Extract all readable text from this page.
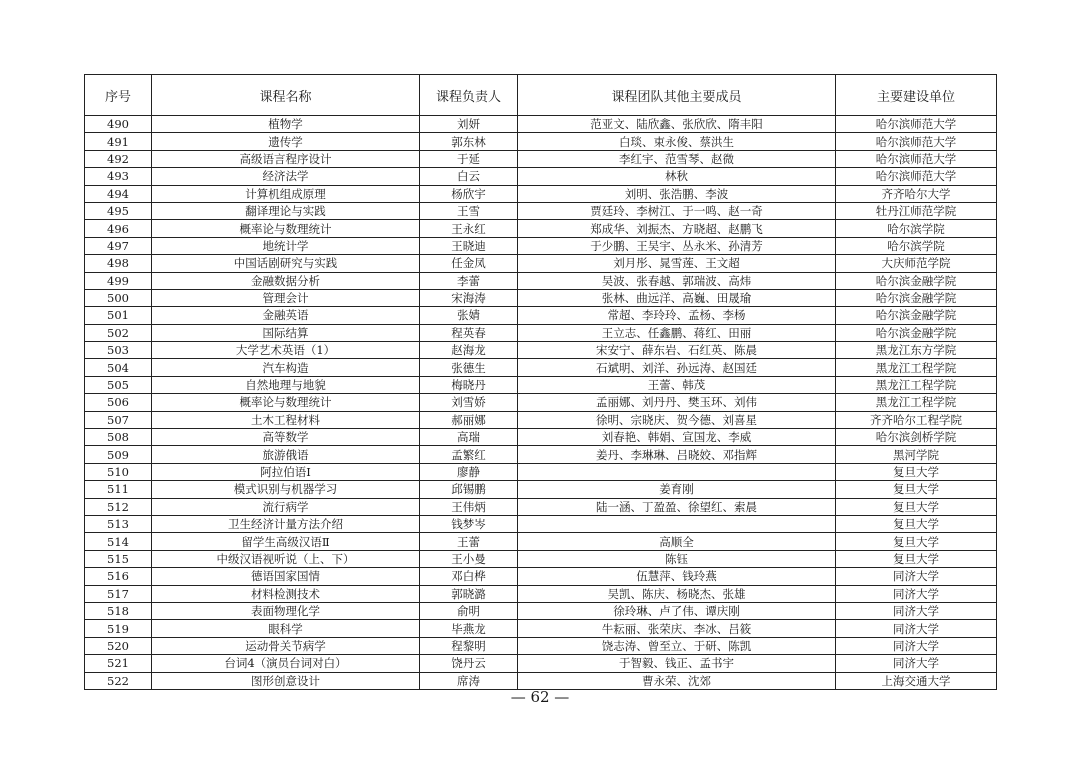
序号	课程名称	课程负责人	课程团队其他主要成员	主要建设单位
490	植物学	刘妍	范亚文、陆欣鑫、张欣欣、隋丰阳	哈尔滨师范大学
491	遗传学	郭东林	白琰、束永俊、蔡洪生	哈尔滨师范大学
492	高级语言程序设计	于延	李红宇、范雪琴、赵微	哈尔滨师范大学
493	经济法学	白云	林秋	哈尔滨师范大学
494	计算机组成原理	杨欣宇	刘明、张浩鹏、李波	齐齐哈尔大学
495	翻译理论与实践	王雪	贾廷玲、李树江、于一鸣、赵一奇	牡丹江师范学院
496	概率论与数理统计	王永红	郑成华、刘振杰、方晓超、赵鹏飞	哈尔滨学院
497	地统计学	王晓迪	于少鹏、王吴宇、丛永米、孙清芳	哈尔滨学院
498	中国话剧研究与实践	任金凤	刘月彤、晁雪莲、王文超	大庆师范学院
499	金融数据分析	李蕾	吴波、张春越、郭瑞波、高炜	哈尔滨金融学院
500	管理会计	宋海涛	张林、曲远洋、高巍、田晟瑜	哈尔滨金融学院
501	金融英语	张婧	常超、李玲玲、孟杨、李杨	哈尔滨金融学院
502	国际结算	程英春	王立志、任鑫鹏、蒋红、田丽	哈尔滨金融学院
503	大学艺术英语（1）	赵海龙	宋安宁、薛东岩、石红英、陈晨	黑龙江东方学院
504	汽车构造	张德生	石斌明、刘洋、孙远涛、赵国廷	黑龙江工程学院
505	自然地理与地貌	梅晓丹	王蕾、韩茂	黑龙江工程学院
506	概率论与数理统计	刘雪娇	孟丽娜、刘丹丹、樊玉环、刘伟	黑龙江工程学院
507	土木工程材料	郝丽娜	徐明、宗晓庆、贺今德、刘喜星	齐齐哈尔工程学院
508	高等数学	高瑞	刘春艳、韩娟、宣国龙、李威	哈尔滨剑桥学院
509	旅游俄语	孟繁红	姜丹、李琳琳、吕晓姣、邓指辉	黑河学院
510	阿拉伯语I	廖静		复旦大学
511	模式识别与机器学习	邱锡鹏	姜育刚	复旦大学
512	流行病学	王伟炳	陆一涵、丁盈盈、徐望红、索晨	复旦大学
513	卫生经济计量方法介绍	钱梦岑		复旦大学
514	留学生高级汉语Ⅱ	王蕾	高顺全	复旦大学
515	中级汉语视听说（上、下）	王小曼	陈钰	复旦大学
516	德语国家国情	邓白桦	伍慧萍、钱玲燕	同济大学
517	材料检测技术	郭晓潞	吴凯、陈庆、杨晓杰、张雄	同济大学
518	表面物理化学	俞明	徐玲琳、卢了伟、谭庆刚	同济大学
519	眼科学	毕燕龙	牛耘丽、张荣庆、李冰、吕筱	同济大学
520	运动骨关节病学	程黎明	饶志涛、曾至立、于研、陈凯	同济大学
521	台词4（演员台词对白）	饶丹云	于智毅、钱正、孟书宇	同济大学
522	图形创意设计	席涛	曹永荣、沈郊	上海交通大学
— 62 —
